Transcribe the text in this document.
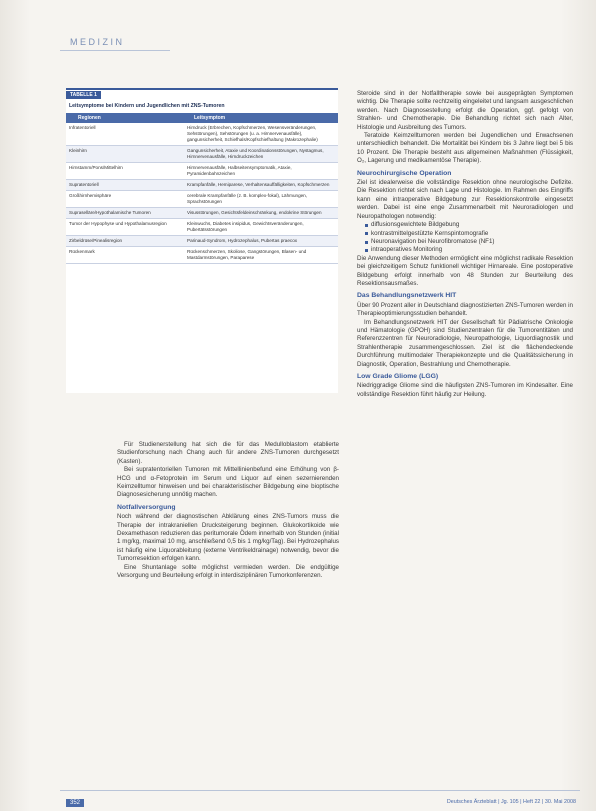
MEDIZIN
TABELLE 1
Leitsymptome bei Kindern und Jugendlichen mit ZNS-Tumoren
Regionen	Leitsymptom
Infratentoriell	Hirndruck (Erbrechen, Kopfschmerzen, Wesensveränderungen, Sehstörungen), Sehstörungen (u. a. Hirnnervenausfälle), gangunsicherheit, Schiefhals/Kopfschiefhaltung (Makrozephalie)
Kleinhirn	Gangunsicherheit, Ataxie und Koordinationsstörungen, Nystagmus, Hirnnervenausfälle, Hirndruckzeichen
Hirnstamm/Pons/Mittelhirn	Hirnnervenausfälle, Halbseitensymptomatik, Ataxie, Pyramidenbahnzeichen
Supratentoriell	Krampfanfälle, Hemiparese, Verhaltensauffälligkeiten, Kopfschmerzen
Großhirnhemisphäre	cerebrale Krampfanfälle (z. B. komplex-fokal), Lähmungen, Sprachstörungen
Supraselläre/Hypothalamische Tumoren	Visusstörungen, Gesichtsfeldeinschränkung, endokrine Störungen
Tumor der Hypophyse und Hypothalamusregion	Kleinwuchs, Diabetes insipidus, Gewichtsveränderungen, Pubertätsstörungen
Zirbeldrüse/Pinealisregion	Parinaud-Syndrom, Hydrozephalus, Pubertas praecox
Rückenmark	Rückenschmerzen, Skoliose, Gangstörungen, Blasen- und Mastdarmstörungen, Paraparese

Für Studienerstellung hat sich die für das Medulloblastom etablierte Studienforschung nach Chang auch für andere ZNS-Tumoren durchgesetzt (Kasten).

Bei supratentoriellen Tumoren mit Mittellinienbefund eine Erhöhung von β-HCG und α-Fetoprotein im Serum und Liquor auf einen sezernierenden Keimzelltumor hinweisen und bei charakteristischer Bildgebung eine bioptische Diagnosesicherung unnötig machen.

Notfallversorgung

Noch während der diagnostischen Abklärung eines ZNS-Tumors muss die Therapie der intrakraniellen Drucksteigerung beginnen. Glukokortikoide wie Dexamethason reduzieren das peritumorale Ödem innerhalb von Stunden (initial 1 mg/kg, maximal 10 mg, anschließend 0,5 bis 1 mg/kg/Tag). Bei Hydrozephalus ist häufig eine Liquorableitung (externe Ventrikeldrainage) notwendig, bevor die Tumorresektion erfolgen kann.

Eine Shuntanlage sollte möglichst vermieden werden. Die endgültige Versorgung und Beurteilung erfolgt in interdisziplinären Tumorkonferenzen.

Steroide sind in der Notfalltherapie sowie bei ausgeprägten Symptomen wichtig. Die Therapie sollte rechtzeitig eingeleitet und langsam ausgeschlichen werden. Nach Diagnosestellung erfolgt die Operation, ggf. gefolgt von Strahlen- und Chemotherapie. Die Behandlung richtet sich nach Alter, Histologie und Ausbreitung des Tumors.

Teratoide Keimzelltumoren werden bei Jugendlichen und Erwachsenen unterschiedlich behandelt. Die Mortalität bei Kindern bis 3 Jahre liegt bei 5 bis 10 Prozent. Die Therapie besteht aus allgemeinen Maßnahmen (Flüssigkeit, O₂, Lagerung und medikamentöse Therapie).

Neurochirurgische Operation

Ziel ist idealerweise die vollständige Resektion ohne neurologische Defizite. Die Resektion richtet sich nach Lage und Histologie. Im Rahmen des Eingriffs kann eine intraoperative Bildgebung zur Resektionskontrolle eingesetzt werden. Dabei ist eine enge Zusammenarbeit mit Neuroradiologen und Neuropathologen notwendig:

diffusionsgewichtete Bildgebung
kontrastmittelgestützte Kernspintomografie
Neuronavigation bei Neurofibromatose (NF1)
intraoperatives Monitoring

Die Anwendung dieser Methoden ermöglicht eine möglichst radikale Resektion bei gleichzeitigem Schutz funktionell wichtiger Hirnareale. Eine postoperative Bildgebung erfolgt innerhalb von 48 Stunden zur Beurteilung des Resektionsausmaßes.

Das Behandlungsnetzwerk HIT

Über 90 Prozent aller in Deutschland diagnostizierten ZNS-Tumoren werden in Therapieoptimierungsstudien behandelt.

Im Behandlungsnetzwerk HIT der Gesellschaft für Pädiatrische Onkologie und Hämatologie (GPOH) sind Studienzentralen für die Tumorentitäten und Referenzzentren für Neuroradiologie, Neuropathologie, Liquordiagnostik und Strahlentherapie zusammengeschlossen. Ziel ist die flächendeckende Durchführung multimodaler Therapiekonzepte und die Qualitätssicherung in Diagnostik, Operation, Bestrahlung und Chemotherapie.

Low Grade Gliome (LGG)

Niedriggradige Gliome sind die häufigsten ZNS-Tumoren im Kindesalter. Eine vollständige Resektion führt häufig zur Heilung.

352	Deutsches Ärzteblatt | Jg. 105 | Heft 22 | 30. Mai 2008
